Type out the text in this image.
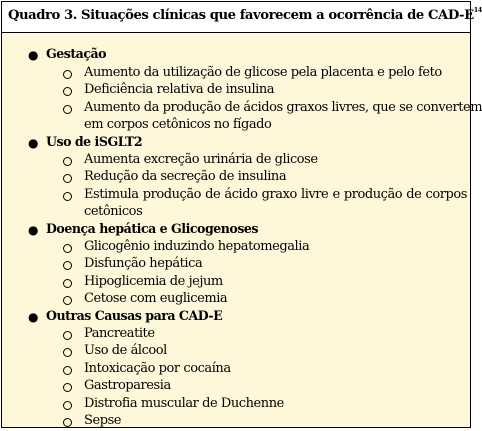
Quadro 3. Situações clínicas que favorecem a ocorrência de CAD-$E^{14}$
● Gestação
Aumento da utilização de glicose pela placenta e pelo feto
Deficiência relativa de insulina
Aumento da produção de ácidos graxos livres, que se convertem
em corpos cetônicos no fígado
● Uso de iSGLT2
Aumenta excreção urinária de glicose
Redução da secreção de insulina
Estimula produção de ácido graxo livre e produção de corpos
cetônicos
● Doença hepática e Glicogenoses
Glicogênio induzindo hepatomegalia
Disfunção hepática
Hipoglicemia de jejum
Cetose com euglicemia
● Outras Causas para CAD-E
Pancreatite
Uso de álcool
Intoxicação por cocaína
Gastroparesia
Distrofia muscular de Duchenne
Sepse
